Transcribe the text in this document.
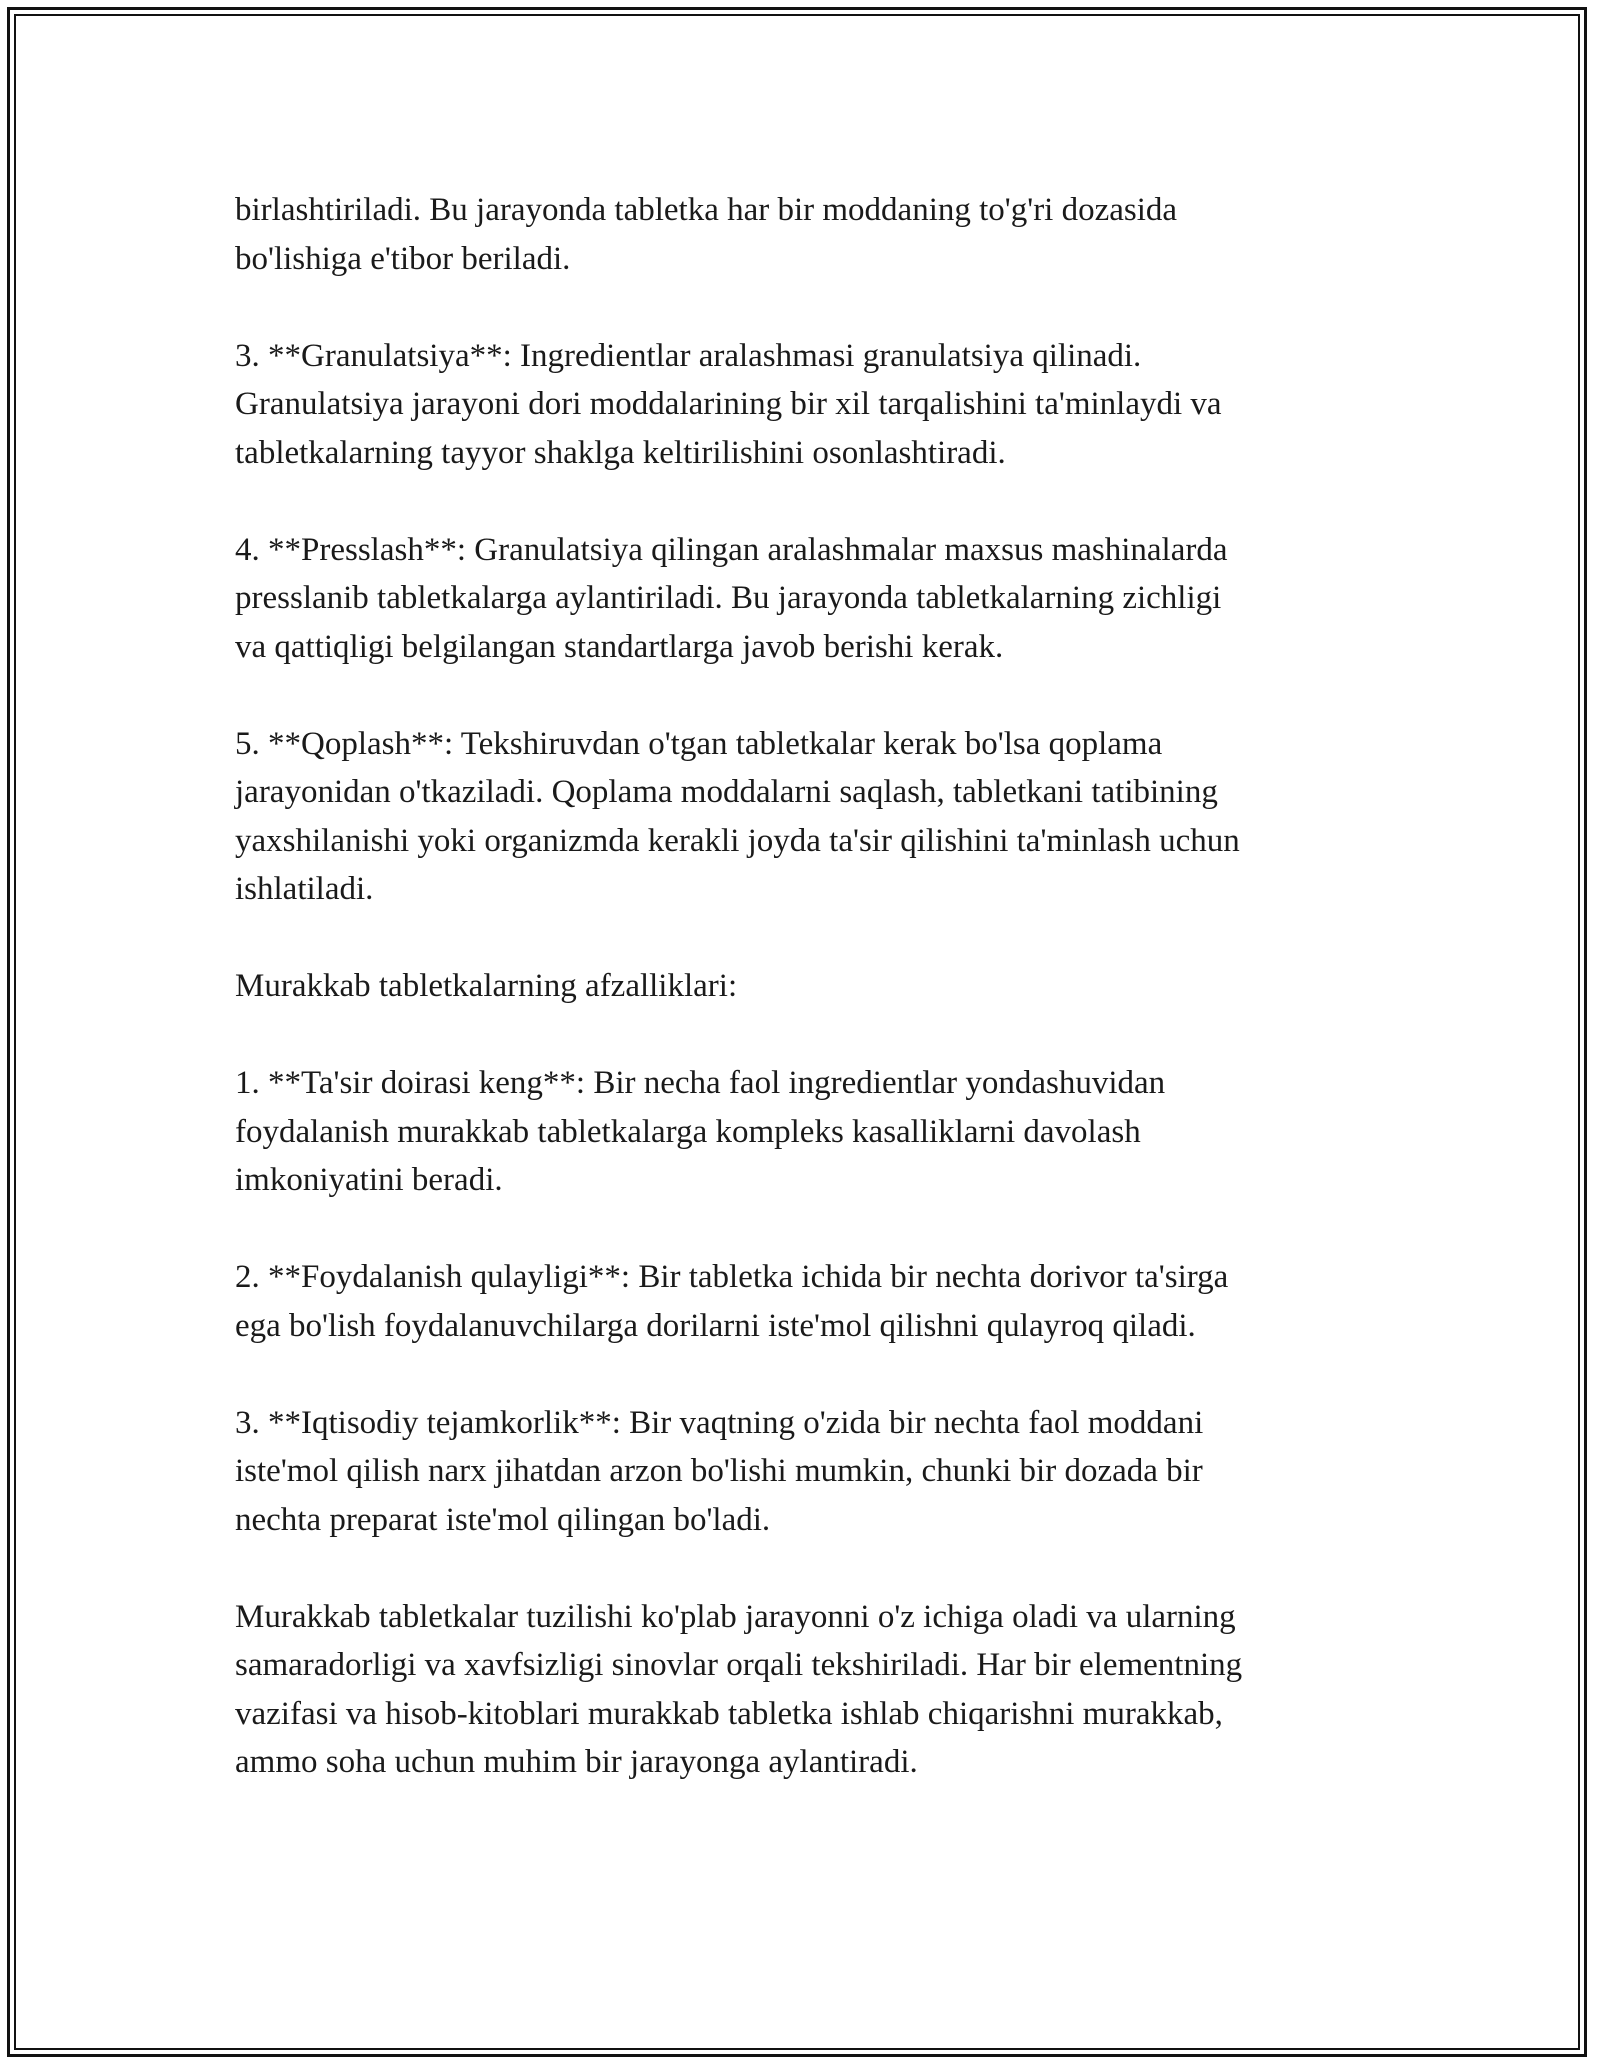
birlashtiriladi. Bu jarayonda tabletka har bir moddaning to'g'ri dozasida
bo'lishiga e'tibor beriladi.

3. **Granulatsiya**: Ingredientlar aralashmasi granulatsiya qilinadi.
Granulatsiya jarayoni dori moddalarining bir xil tarqalishini ta'minlaydi va
tabletkalarning tayyor shaklga keltirilishini osonlashtiradi.

4. **Presslash**: Granulatsiya qilingan aralashmalar maxsus mashinalarda
presslanib tabletkalarga aylantiriladi. Bu jarayonda tabletkalarning zichligi
va qattiqligi belgilangan standartlarga javob berishi kerak.

5. **Qoplash**: Tekshiruvdan o'tgan tabletkalar kerak bo'lsa qoplama
jarayonidan o'tkaziladi. Qoplama moddalarni saqlash, tabletkani tatibining
yaxshilanishi yoki organizmda kerakli joyda ta'sir qilishini ta'minlash uchun
ishlatiladi.

Murakkab tabletkalarning afzalliklari:

1. **Ta'sir doirasi keng**: Bir necha faol ingredientlar yondashuvidan
foydalanish murakkab tabletkalarga kompleks kasalliklarni davolash
imkoniyatini beradi.

2. **Foydalanish qulayligi**: Bir tabletka ichida bir nechta dorivor ta'sirga
ega bo'lish foydalanuvchilarga dorilarni iste'mol qilishni qulayroq qiladi.

3. **Iqtisodiy tejamkorlik**: Bir vaqtning o'zida bir nechta faol moddani
iste'mol qilish narx jihatdan arzon bo'lishi mumkin, chunki bir dozada bir
nechta preparat iste'mol qilingan bo'ladi.

Murakkab tabletkalar tuzilishi ko'plab jarayonni o'z ichiga oladi va ularning
samaradorligi va xavfsizligi sinovlar orqali tekshiriladi. Har bir elementning
vazifasi va hisob-kitoblari murakkab tabletka ishlab chiqarishni murakkab,
ammo soha uchun muhim bir jarayonga aylantiradi.
